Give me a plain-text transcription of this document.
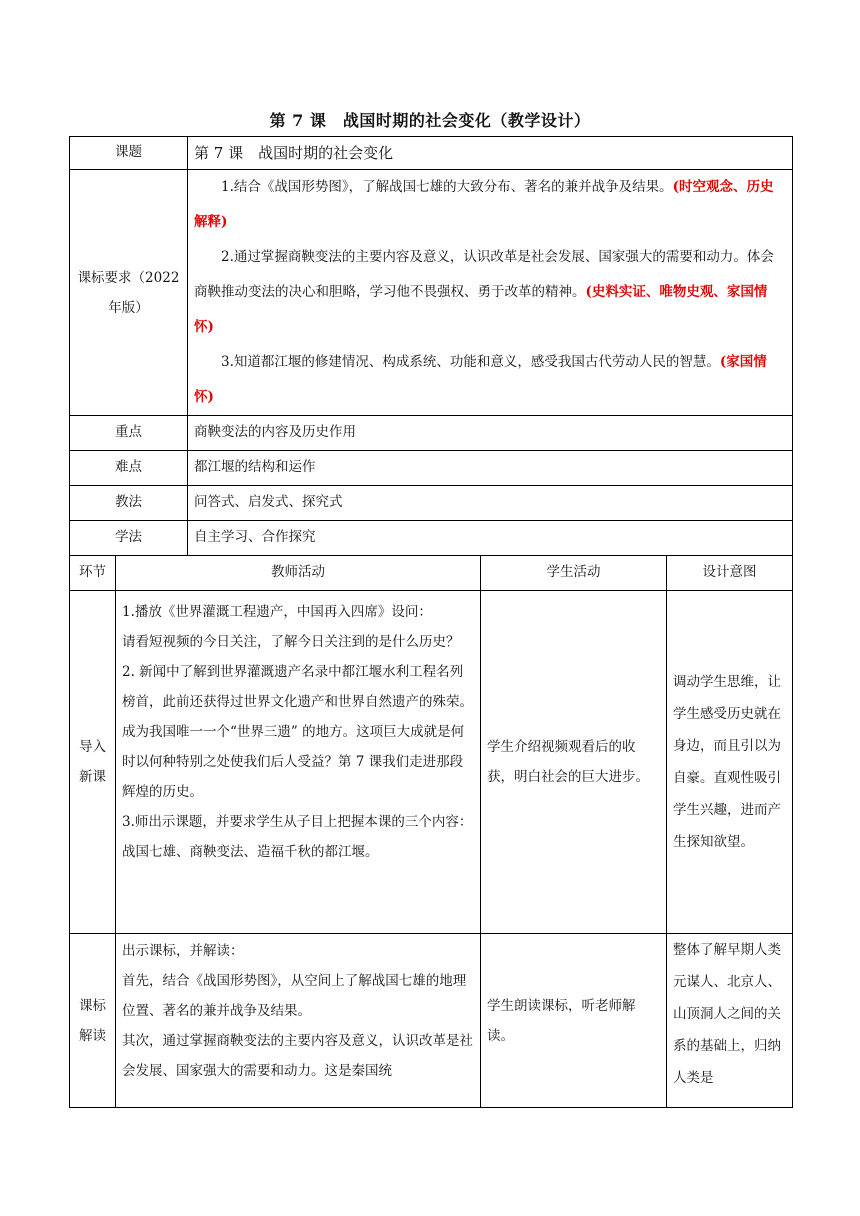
第 7 课　战国时期的社会变化（教学设计）
课题		第 7 课　战国时期的社会变化		
课标要求（2022年版）		1.结合《战国形势图》，了解战国七雄的大致分布、著名的兼并战争及结果。(时空观念、历史解释)

2.通过掌握商鞅变法的主要内容及意义，认识改革是社会发展、国家强大的需要和动力。体会商鞅推动变法的决心和胆略，学习他不畏强权、勇于改革的精神。(史料实证、唯物史观、家国情怀)

3.知道都江堰的修建情况、构成系统、功能和意义，感受我国古代劳动人民的智慧。(家国情怀)		

重点		商鞅变法的内容及历史作用		
难点		都江堰的结构和运作		
教法		问答式、启发式、探究式		
学法		自主学习、合作探究		
环节	教师活动		学生活动	设计意图
导入新课	1.播放《世界灌溉工程遗产，中国再入四席》设问：
请看短视频的今日关注，了解今日关注到的是什么历史？
2. 新闻中了解到世界灌溉遗产名录中都江堰水利工程名列榜首，此前还获得过世界文化遗产和世界自然遗产的殊荣。成为我国唯一一个“世界三遗” 的地方。这项巨大成就是何时以何种特别之处使我们后人受益？第 7 课我们走进那段辉煌的历史。
3.师出示课题，并要求学生从子目上把握本课的三个内容：战国七雄、商鞅变法、造福千秋的都江堰。		学生介绍视频观看后的收获，明白社会的巨大进步。	调动学生思维，让学生感受历史就在身边，而且引以为自豪。直观性吸引学生兴趣，进而产生探知欲望。
课标解读	出示课标，并解读：
首先，结合《战国形势图》，从空间上了解战国七雄的地理位置、著名的兼并战争及结果。
其次，通过掌握商鞅变法的主要内容及意义，认识改革是社会发展、国家强大的需要和动力。这是秦国统		学生朗读课标，听老师解读。	整体了解早期人类元谋人、北京人、山顶洞人之间的关系的基础上，归纳人类是
